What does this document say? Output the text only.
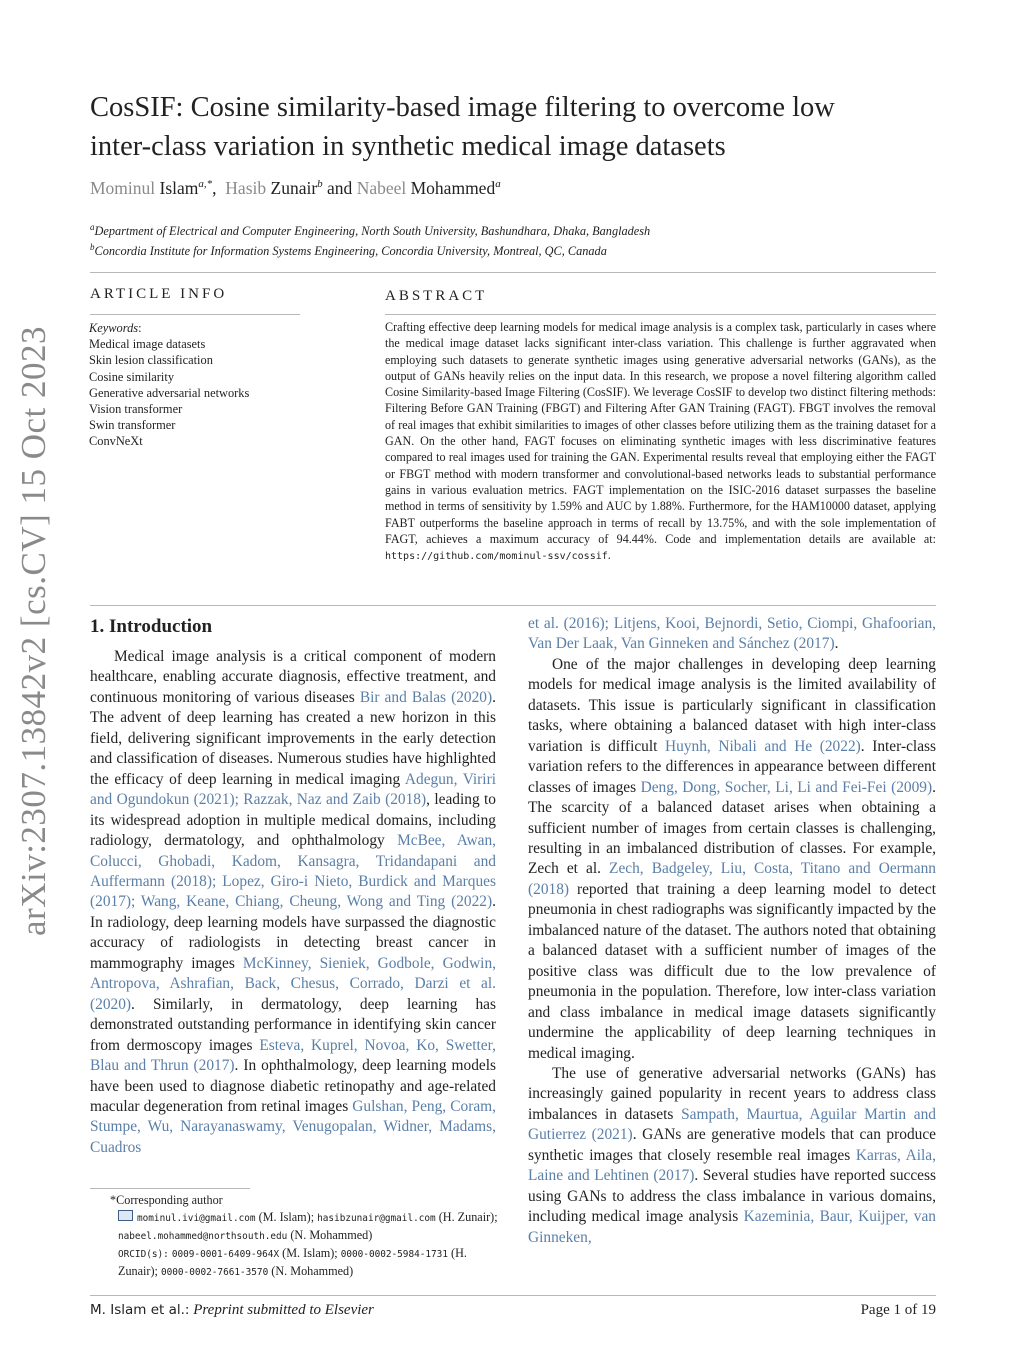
arXiv:2307.13842v2 [cs.CV] 15 Oct 2023
CosSIF: Cosine similarity-based image filtering to overcome low
inter-class variation in synthetic medical image datasets
Mominul Islam$^{a,*}$,  Hasib Zunair$^b$ and Nabeel Mohammed$^a$
$^a$Department of Electrical and Computer Engineering, North South University, Bashundhara, Dhaka, Bangladesh
$^b$Concordia Institute for Information Systems Engineering, Concordia University, Montreal, QC, Canada
ARTICLE INFO	ABSTRACT
Keywords:
Medical image datasets
Skin lesion classification
Cosine similarity
Generative adversarial networks
Vision transformer
Swin transformer
ConvNeXt
Crafting effective deep learning models for medical image analysis is a complex task, particularly in cases where the medical image dataset lacks significant inter-class variation. This challenge is further aggravated when employing such datasets to generate synthetic images using generative adversarial networks (GANs), as the output of GANs heavily relies on the input data. In this research, we propose a novel filtering algorithm called Cosine Similarity-based Image Filtering (CosSIF). We leverage CosSIF to develop two distinct filtering methods: Filtering Before GAN Training (FBGT) and Filtering After GAN Training (FAGT). FBGT involves the removal of real images that exhibit similarities to images of other classes before utilizing them as the training dataset for a GAN. On the other hand, FAGT focuses on eliminating synthetic images with less discriminative features compared to real images used for training the GAN. Experimental results reveal that employing either the FAGT or FBGT method with modern transformer and convolutional-based networks leads to substantial performance gains in various evaluation metrics. FAGT implementation on the ISIC-2016 dataset surpasses the baseline method in terms of sensitivity by 1.59% and AUC by 1.88%. Furthermore, for the HAM10000 dataset, applying FABT outperforms the baseline approach in terms of recall by 13.75%, and with the sole implementation of FAGT, achieves a maximum accuracy of 94.44%. Code and implementation details are available at: https://github.com/mominul-ssv/cossif.
1. Introduction

Medical image analysis is a critical component of modern healthcare, enabling accurate diagnosis, effective treatment, and continuous monitoring of various diseases Bir and Balas (2020). The advent of deep learning has created a new horizon in this field, delivering significant improvements in the early detection and classification of diseases. Numerous studies have highlighted the efficacy of deep learning in medical imaging Adegun, Viriri and Ogundokun (2021); Razzak, Naz and Zaib (2018), leading to its widespread adoption in multiple medical domains, including radiology, dermatology, and ophthalmology McBee, Awan, Colucci, Ghobadi, Kadom, Kansagra, Tridandapani and Auffermann (2018); Lopez, Giro-i Nieto, Burdick and Marques (2017); Wang, Keane, Chiang, Cheung, Wong and Ting (2022). In radiology, deep learning models have surpassed the diagnostic accuracy of radiologists in detecting breast cancer in mammography images McKinney, Sieniek, Godbole, Godwin, Antropova, Ashrafian, Back, Chesus, Corrado, Darzi et al. (2020). Similarly, in dermatology, deep learning has demonstrated outstanding performance in identifying skin cancer from dermoscopy images Esteva, Kuprel, Novoa, Ko, Swetter, Blau and Thrun (2017). In ophthalmology, deep learning models have been used to diagnose diabetic retinopathy and age-related macular degeneration from retinal images Gulshan, Peng, Coram, Stumpe, Wu, Narayanaswamy, Venugopalan, Widner, Madams, Cuadros

*Corresponding author
mominul.ivi@gmail.com (M. Islam); hasibzunair@gmail.com (H. Zunair); nabeel.mohammed@northsouth.edu (N. Mohammed)
ORCID(s): 0009-0001-6409-964X (M. Islam); 0000-0002-5984-1731 (H. Zunair); 0000-0002-7661-3570 (N. Mohammed)

et al. (2016); Litjens, Kooi, Bejnordi, Setio, Ciompi, Ghafoorian, Van Der Laak, Van Ginneken and Sánchez (2017).

One of the major challenges in developing deep learning models for medical image analysis is the limited availability of datasets. This issue is particularly significant in classification tasks, where obtaining a balanced dataset with high inter-class variation is difficult Huynh, Nibali and He (2022). Inter-class variation refers to the differences in appearance between different classes of images Deng, Dong, Socher, Li, Li and Fei-Fei (2009). The scarcity of a balanced dataset arises when obtaining a sufficient number of images from certain classes is challenging, resulting in an imbalanced distribution of classes. For example, Zech et al. Zech, Badgeley, Liu, Costa, Titano and Oermann (2018) reported that training a deep learning model to detect pneumonia in chest radiographs was significantly impacted by the imbalanced nature of the dataset. The authors noted that obtaining a balanced dataset with a sufficient number of images of the positive class was difficult due to the low prevalence of pneumonia in the population. Therefore, low inter-class variation and class imbalance in medical image datasets significantly undermine the applicability of deep learning techniques in medical imaging.

The use of generative adversarial networks (GANs) has increasingly gained popularity in recent years to address class imbalances in datasets Sampath, Maurtua, Aguilar Martin and Gutierrez (2021). GANs are generative models that can produce synthetic images that closely resemble real images Karras, Aila, Laine and Lehtinen (2017). Several studies have reported success using GANs to address the class imbalance in various domains, including medical image analysis Kazeminia, Baur, Kuijper, van Ginneken,

M. Islam et al.: Preprint submitted to Elsevier	Page 1 of 19
